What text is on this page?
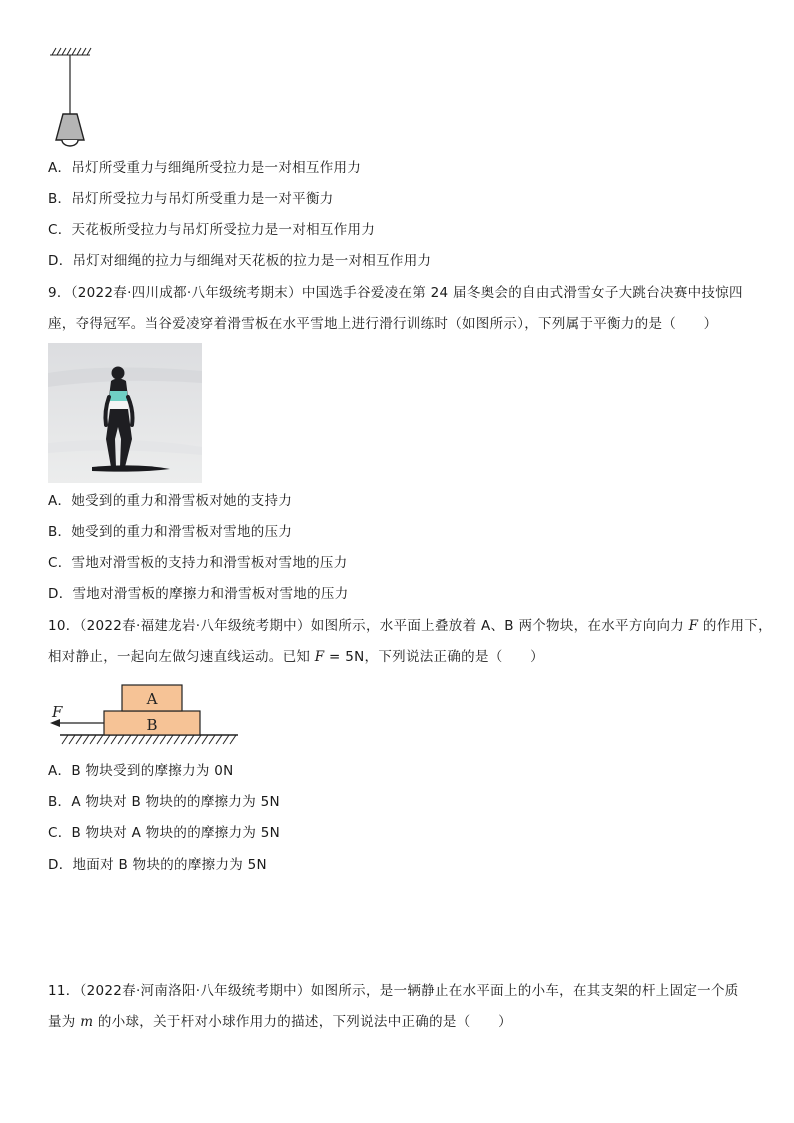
A．吊灯所受重力与细绳所受拉力是一对相互作用力
B．吊灯所受拉力与吊灯所受重力是一对平衡力
C．天花板所受拉力与吊灯所受拉力是一对相互作用力
D．吊灯对细绳的拉力与细绳对天花板的拉力是一对相互作用力
9．（2022春·四川成都·八年级统考期末）中国选手谷爱凌在第 24 届冬奥会的自由式滑雪女子大跳台决赛中技惊四
座，夺得冠军。当谷爱凌穿着滑雪板在水平雪地上进行滑行训练时（如图所示），下列属于平衡力的是（　　）
A．她受到的重力和滑雪板对她的支持力
B．她受到的重力和滑雪板对雪地的压力
C．雪地对滑雪板的支持力和滑雪板对雪地的压力
D．雪地对滑雪板的摩擦力和滑雪板对雪地的压力
10．（2022春·福建龙岩·八年级统考期中）如图所示，水平面上叠放着 A、B 两个物块，在水平方向向力 F 的作用下，
相对静止，一起向左做匀速直线运动。已知 F = 5N，下列说法正确的是（　　）
A
B
F
A．B 物块受到的摩擦力为 0N
B．A 物块对 B 物块的的摩擦力为 5N
C．B 物块对 A 物块的的摩擦力为 5N
D．地面对 B 物块的的摩擦力为 5N
11．（2022春·河南洛阳·八年级统考期中）如图所示，是一辆静止在水平面上的小车，在其支架的杆上固定一个质
量为 m 的小球，关于杆对小球作用力的描述，下列说法中正确的是（　　）
